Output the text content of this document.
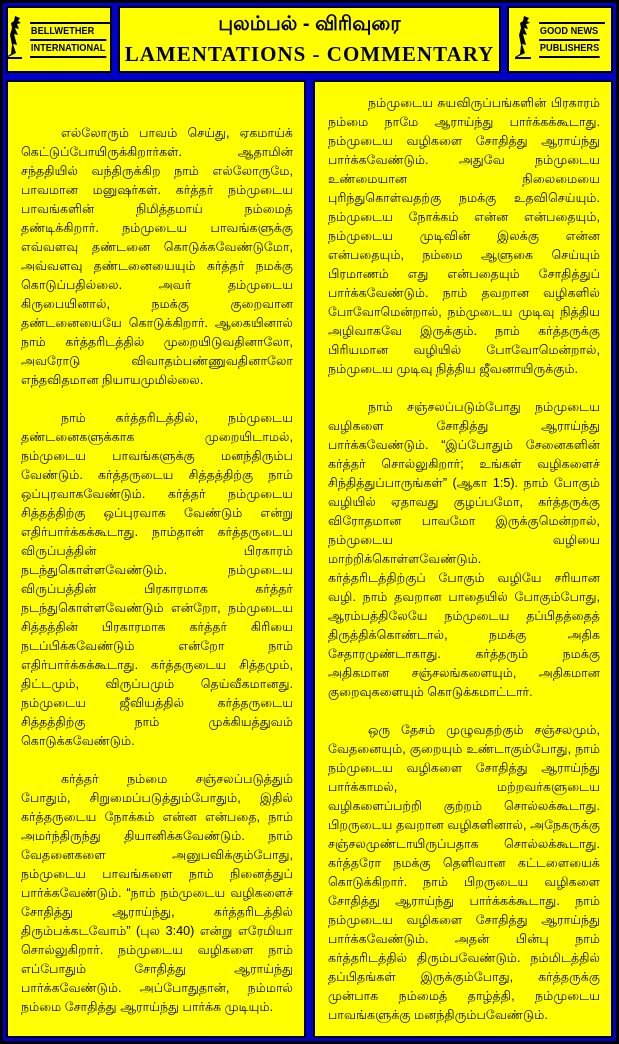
BELLWETHER
INTERNATIONAL
புலம்பல் - விரிவுரை
LAMENTATIONS - COMMENTARY
GOOD NEWS
PUBLISHERS

எல்லோரும் பாவம் செய்து, ஏகமாய்க் கெட்டுப்போயிருக்கிறார்கள். ஆதாமின் சந்ததியில் வந்திருக்கிற நாம் எல்லோருமே, பாவமான மனுஷர்கள். கர்த்தர் நம்முடைய பாவங்களின் நிமித்தமாய் நம்மைத் தண்டிக்கிறார். நம்முடைய பாவங்களுக்கு எவ்வளவு தண்டனை கொடுக்கவேண்டுமோ, அவ்வளவு தண்டனையையும் கர்த்தர் நமக்கு கொடுப்பதில்லை. அவர் தம்முடைய கிருபையினால், நமக்கு குறைவான தண்டனையையே கொடுக்கிறார். ஆகையினால் நாம் கர்த்தரிடத்தில் முறையிடுவதினாலோ, அவரோடு விவாதம்பண்ணுவதினாலோ எந்தவிதமான நியாயமுமில்லை.

நாம் கர்த்தரிடத்தில், நம்முடைய தண்டனைகளுக்காக முறையிடாமல், நம்முடைய பாவங்களுக்கு மனந்திரும்ப வேண்டும். கர்த்தருடைய சித்தத்திற்கு நாம் ஒப்புரவாகவேண்டும். கர்த்தர் நம்முடைய சித்தத்திற்கு ஒப்புரவாக வேண்டும் என்று எதிர்பார்க்கக்கூடாது. நாம்தான் கர்த்தருடைய விருப்பத்தின் பிரகாரம் நடந்துகொள்ளவேண்டும். நம்முடைய விருப்பத்தின் பிரகாரமாக கர்த்தர் நடந்துகொள்ளவேண்டும் என்றோ, நம்முடைய சித்தத்தின் பிரகாரமாக கர்த்தர் கிரியை நடப்பிக்கவேண்டும் என்றோ நாம் எதிர்பார்க்கக்கூடாது. கர்த்தருடைய சித்தமும், திட்டமும், விருப்பமும் தெய்வீகமானது. நம்முடைய ஜீவியத்தில் கர்த்தருடைய சித்தத்திற்கு நாம் முக்கியத்துவம் கொடுக்கவேண்டும்.

கர்த்தர் நம்மை சஞ்சலப்படுத்தும் போதும், சிறுமைப்படுத்தும்போதும், இதில் கர்த்தருடைய நோக்கம் என்ன என்பதை, நாம் அமர்ந்திருந்து தியானிக்கவேண்டும். நாம் வேதனைகளை அனுபவிக்கும்போது, நம்முடைய பாவங்களை நாம் நினைத்துப் பார்க்கவேண்டும். “நாம் நம்முடைய வழிகளைச் சோதித்து ஆராய்ந்து, கர்த்தரிடத்தில் திரும்பக்கடவோம்” (புல 3:40) என்று எரேமியா சொல்லுகிறார். நம்முடைய வழிகளை நாம் எப்போதும் சோதித்து ஆராய்ந்து பார்க்கவேண்டும். அப்போதுதான், நம்மால் நம்மை சோதித்து ஆராய்ந்து பார்க்க முடியும்.

நம்முடைய சுயவிருப்பங்களின் பிரகாரம் நம்மை நாமே ஆராய்ந்து பார்க்கக்கூடாது. நம்முடைய வழிகளை சோதித்து ஆராய்ந்து பார்க்கவேண்டும். அதுவே நம்முடைய உண்மையான நிலைமையை புரிந்துகொள்வதற்கு நமக்கு உதவிசெய்யும். நம்முடைய நோக்கம் என்ன என்பதையும், நம்முடைய முடிவின் இலக்கு என்ன என்பதையும், நம்மை ஆளுகை செய்யும் பிரமாணம் எது என்பதையும் சோதித்துப் பார்க்கவேண்டும். நாம் தவறான வழிகளில் போவோமென்றால், நம்முடைய முடிவு நித்திய அழிவாகவே இருக்கும். நாம் கர்த்தருக்கு பிரியமான வழியில் போவோமென்றால், நம்முடைய முடிவு நித்திய ஜீவனாயிருக்கும்.

நாம் சஞ்சலப்படும்போது நம்முடைய வழிகளை சோதித்து ஆராய்ந்து பார்க்கவேண்டும். “இப்போதும் சேனைகளின் கர்த்தர் சொல்லுகிறார்; உங்கள் வழிகளைச் சிந்தித்துப்பாருங்கள்” (ஆகா 1:5). நாம் போகும் வழியில் ஏதாவது குழப்பமோ, கர்த்தருக்கு விரோதமான பாவமோ இருக்குமென்றால், நம்முடைய வழியை மாற்றிக்கொள்ளவேண்டும்.

கர்த்தரிடத்திற்குப் போகும் வழியே சரியான வழி. நாம் தவறான பாதையில் போகும்போது, ஆரம்பத்திலேயே நம்முடைய தப்பிதத்தைத் திருத்திக்கொண்டால், நமக்கு அதிக சேதாரமுண்டாகாது. கர்த்தரும் நமக்கு அதிகமான சஞ்சலங்களையும், அதிகமான குறைவுகளையும் கொடுக்கமாட்டார்.

ஒரு தேசம் முழுவதற்கும் சஞ்சலமும், வேதனையும், குறையும் உண்டாகும்போது, நாம் நம்முடைய வழிகளை சோதித்து ஆராய்ந்து பார்க்காமல், மற்றவர்களுடைய வழிகளைப்பற்றி குற்றம் சொல்லக்கூடாது. பிறருடைய தவறான வழிகளினால், அநேகருக்கு சஞ்சலமுண்டாயிருப்பதாக சொல்லக்கூடாது. கர்த்தரோ நமக்கு தெளிவான கட்டளையைக் கொடுக்கிறார். நாம் பிறருடைய வழிகளை சோதித்து ஆராய்ந்து பார்க்கக்கூடாது. நாம் நம்முடைய வழிகளை சோதித்து ஆராய்ந்து பார்க்கவேண்டும். அதன் பின்பு நாம் கர்த்தரிடத்தில் திரும்பவேண்டும். நம்மிடத்தில் தப்பிதங்கள் இருக்கும்போது, கர்த்தருக்கு முன்பாக நம்மைத் தாழ்த்தி, நம்முடைய பாவங்களுக்கு மனந்திரும்பவேண்டும்.
